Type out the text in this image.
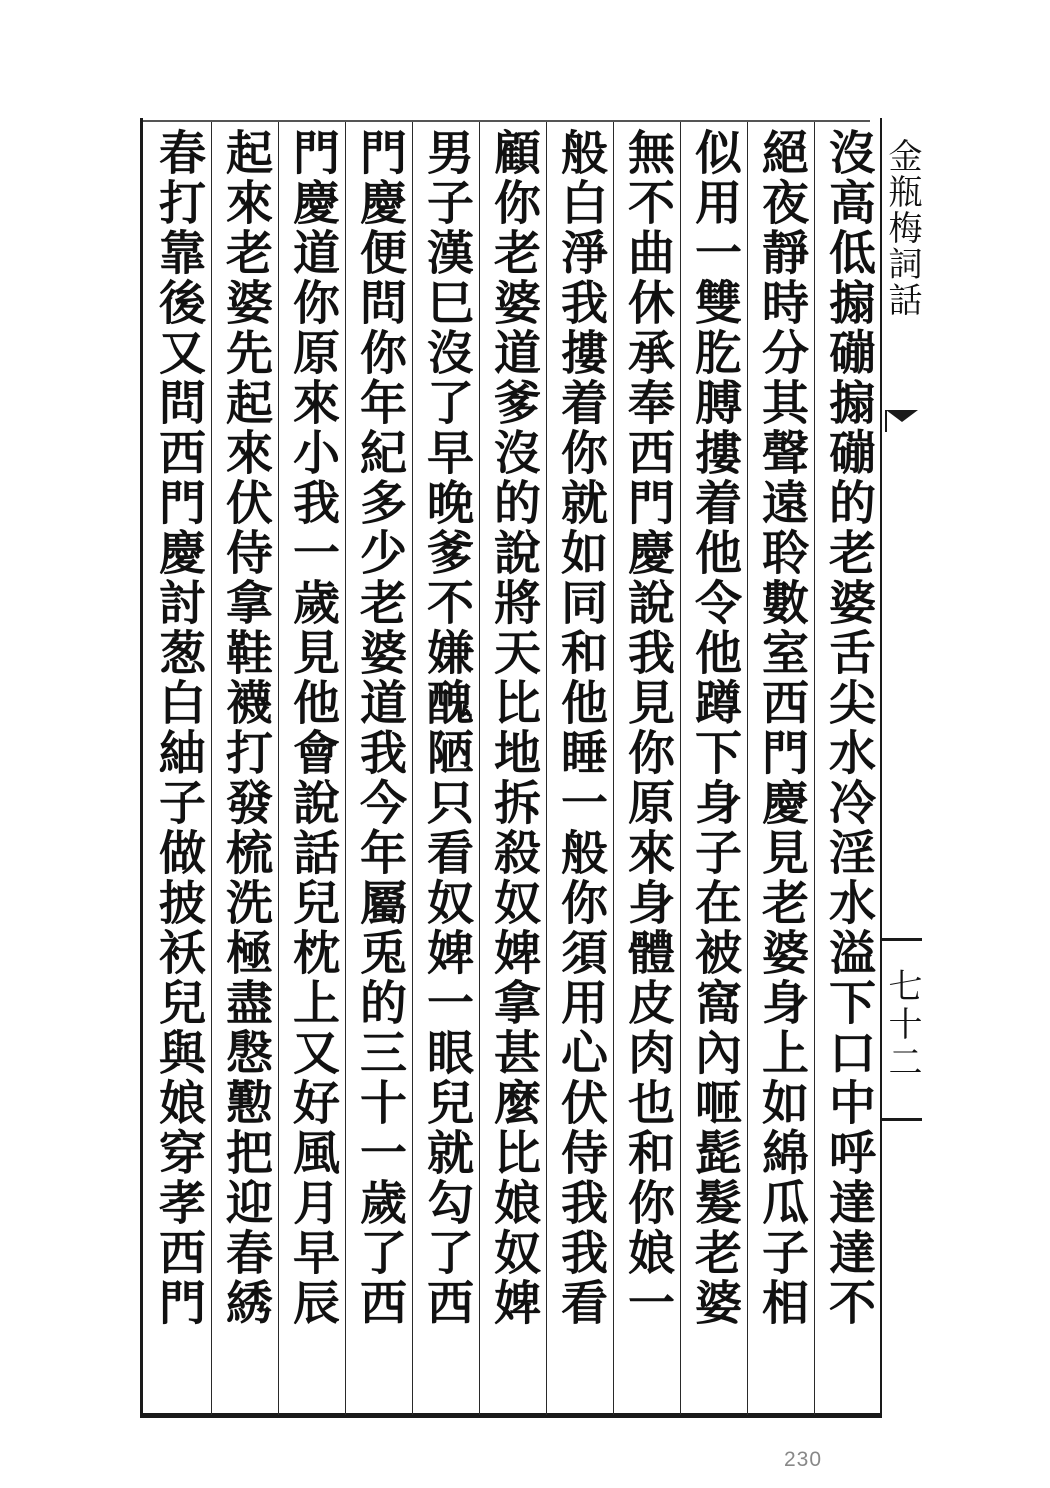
沒高低搧磞搧磞的老婆舌尖水冷淫水溢下口中呼達達不
絕夜靜時分其聲遠聆數室西門慶見老婆身上如綿瓜子相
似用一雙肐膊摟着他令他蹲下身子在被窩內咂髭髮老婆
無不曲休承奉西門慶說我見你原來身體皮肉也和你娘一
般白淨我摟着你就如同和他睡一般你須用心伏侍我我看
顧你老婆道爹沒的說將天比地拆殺奴婢拿甚麼比娘奴婢
男子漢巳沒了早晚爹不嫌醜陋只看奴婢一眼兒就勾了西
門慶便問你年紀多少老婆道我今年屬兎的三十一歲了西
門慶道你原來小我一歲見他會說話兒枕上又好風月早辰
起來老婆先起來伏侍拿鞋襪打發梳洗極盡慇懃把迎春綉
春打靠後又問西門慶討葱白紬子做披袄兒與娘穿孝西門	金瓶梅詞話
七十二
230
